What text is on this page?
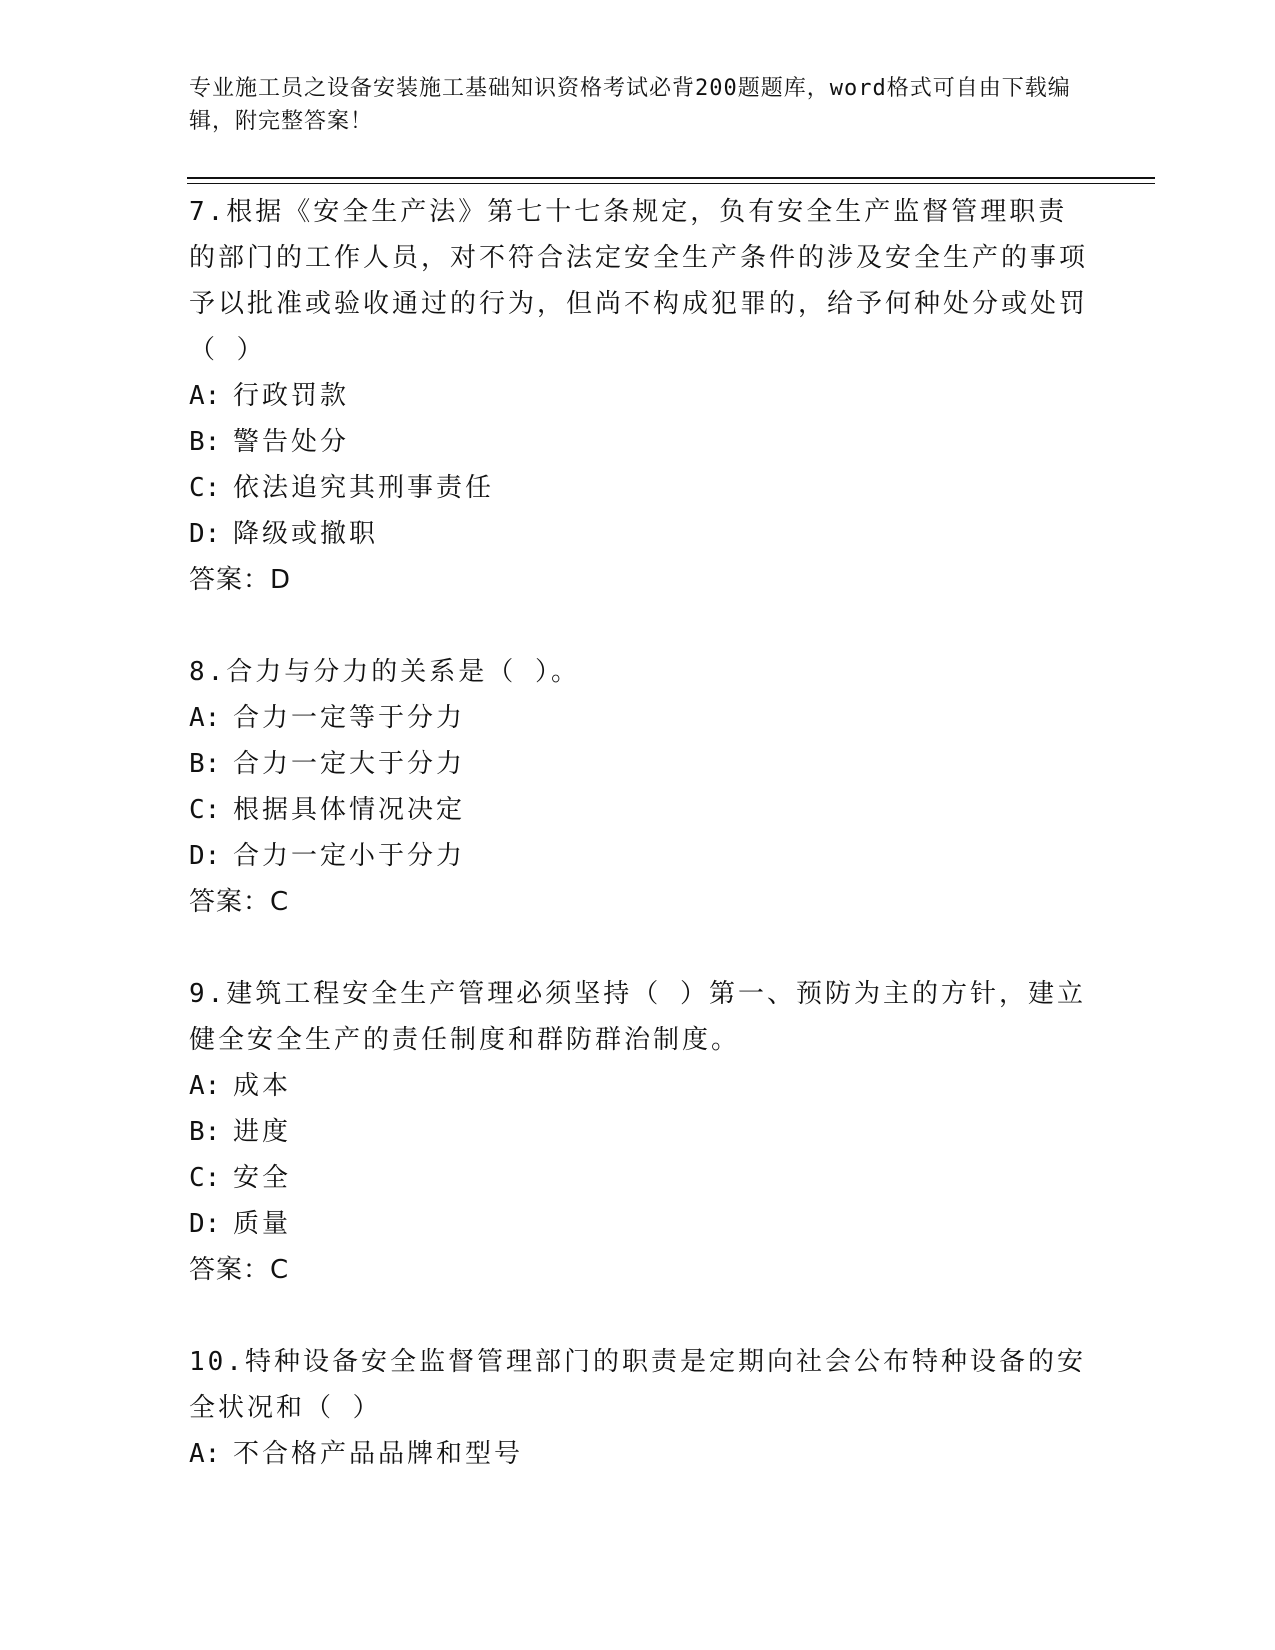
专业施工员之设备安装施工基础知识资格考试必背200题题库，word格式可自由下载编辑，附完整答案！
7.根据《安全生产法》第七十七条规定，负有安全生产监督管理职责的部门的工作人员，对不符合法定安全生产条件的涉及安全生产的事项予以批准或验收通过的行为，但尚不构成犯罪的，给予何种处分或处罚（ ）
A: 行政罚款
B: 警告处分
C: 依法追究其刑事责任
D: 降级或撤职
答案：D
8.合力与分力的关系是（ ）。
A: 合力一定等于分力
B: 合力一定大于分力
C: 根据具体情况决定
D: 合力一定小于分力
答案：C
9.建筑工程安全生产管理必须坚持（ ）第一、预防为主的方针，建立健全安全生产的责任制度和群防群治制度。
A: 成本
B: 进度
C: 安全
D: 质量
答案：C
10.特种设备安全监督管理部门的职责是定期向社会公布特种设备的安全状况和（ ）
A: 不合格产品品牌和型号
